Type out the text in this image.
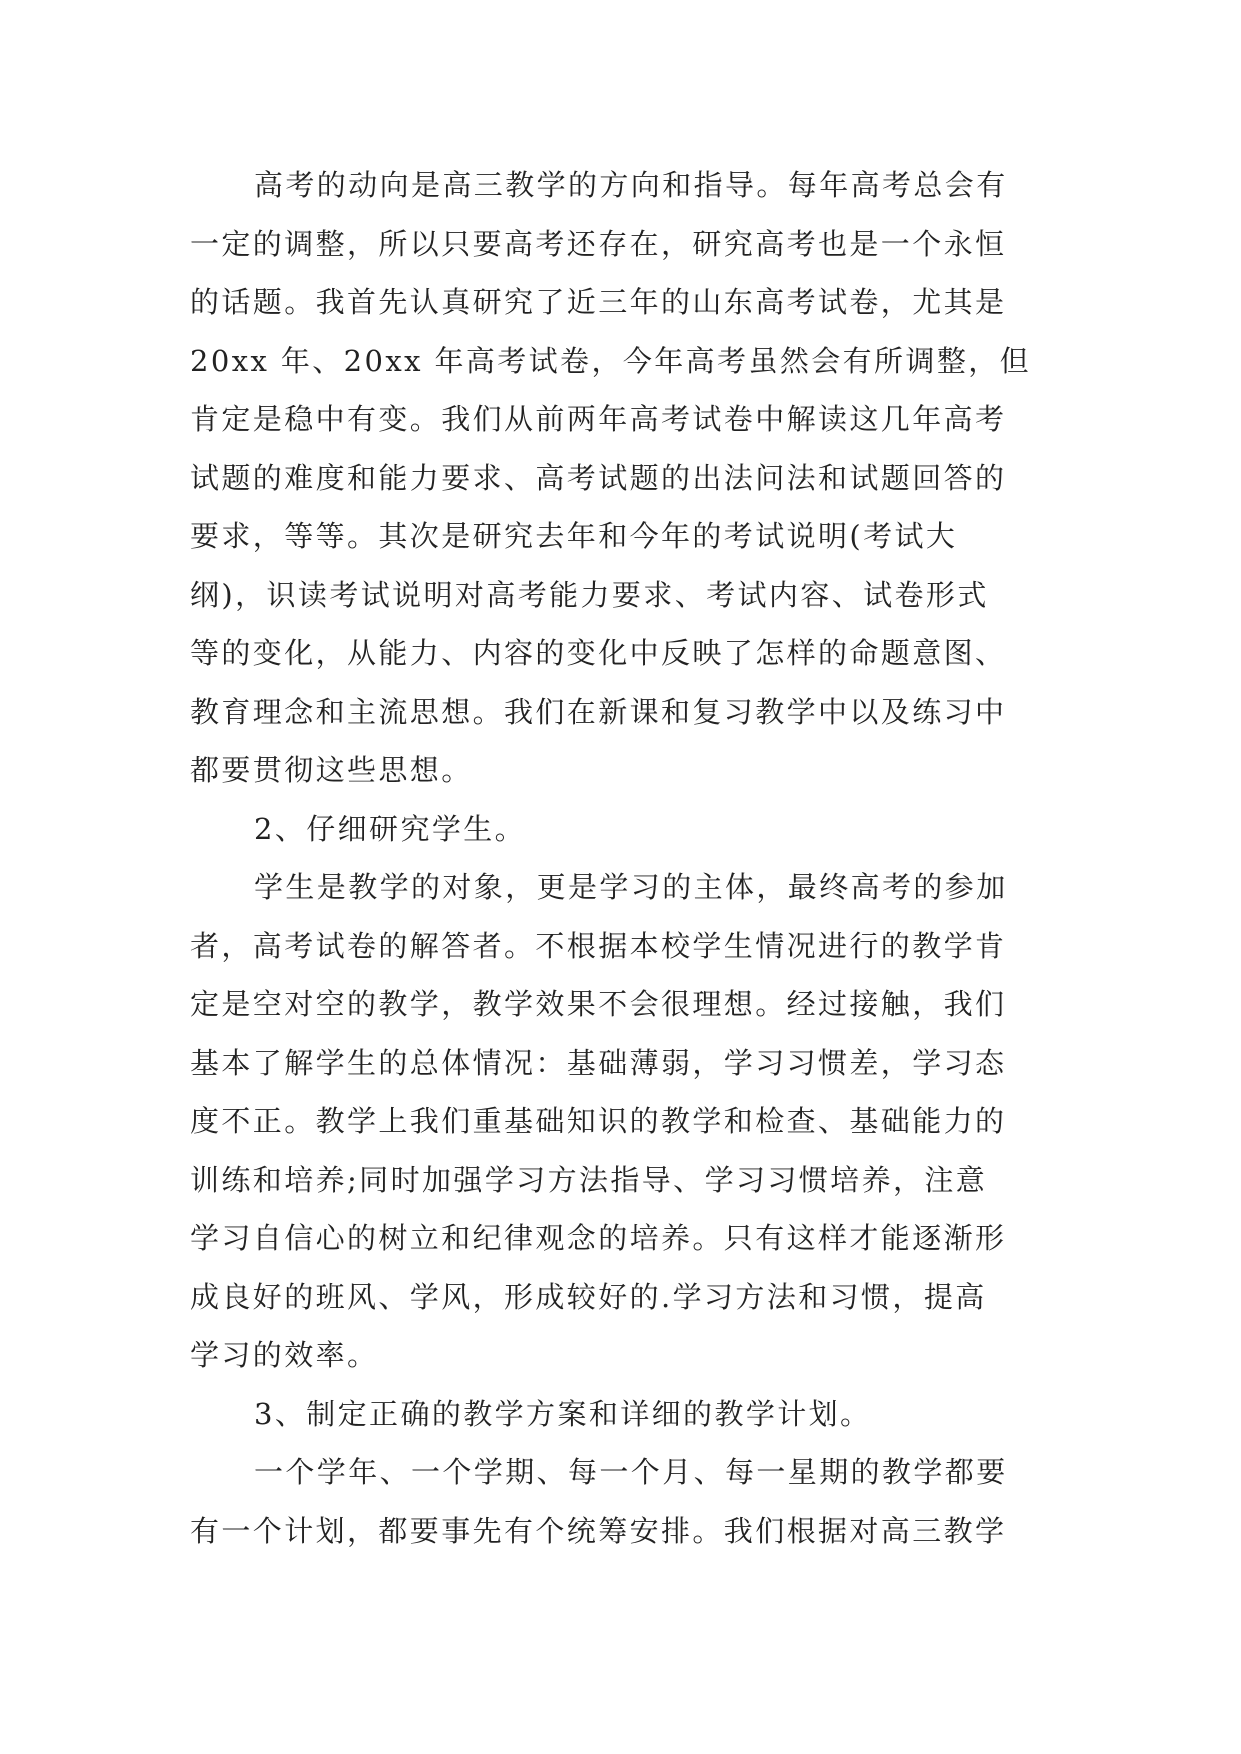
高考的动向是高三教学的方向和指导。每年高考总会有
一定的调整，所以只要高考还存在，研究高考也是一个永恒
的话题。我首先认真研究了近三年的山东高考试卷，尤其是
20xx 年、20xx 年高考试卷，今年高考虽然会有所调整，但
肯定是稳中有变。我们从前两年高考试卷中解读这几年高考
试题的难度和能力要求、高考试题的出法问法和试题回答的
要求，等等。其次是研究去年和今年的考试说明(考试大
纲)，识读考试说明对高考能力要求、考试内容、试卷形式
等的变化，从能力、内容的变化中反映了怎样的命题意图、
教育理念和主流思想。我们在新课和复习教学中以及练习中
都要贯彻这些思想。
2、仔细研究学生。
学生是教学的对象，更是学习的主体，最终高考的参加
者，高考试卷的解答者。不根据本校学生情况进行的教学肯
定是空对空的教学，教学效果不会很理想。经过接触，我们
基本了解学生的总体情况：基础薄弱，学习习惯差，学习态
度不正。教学上我们重基础知识的教学和检查、基础能力的
训练和培养;同时加强学习方法指导、学习习惯培养，注意
学习自信心的树立和纪律观念的培养。只有这样才能逐渐形
成良好的班风、学风，形成较好的.学习方法和习惯，提高
学习的效率。
3、制定正确的教学方案和详细的教学计划。
一个学年、一个学期、每一个月、每一星期的教学都要
有一个计划，都要事先有个统筹安排。我们根据对高三教学
